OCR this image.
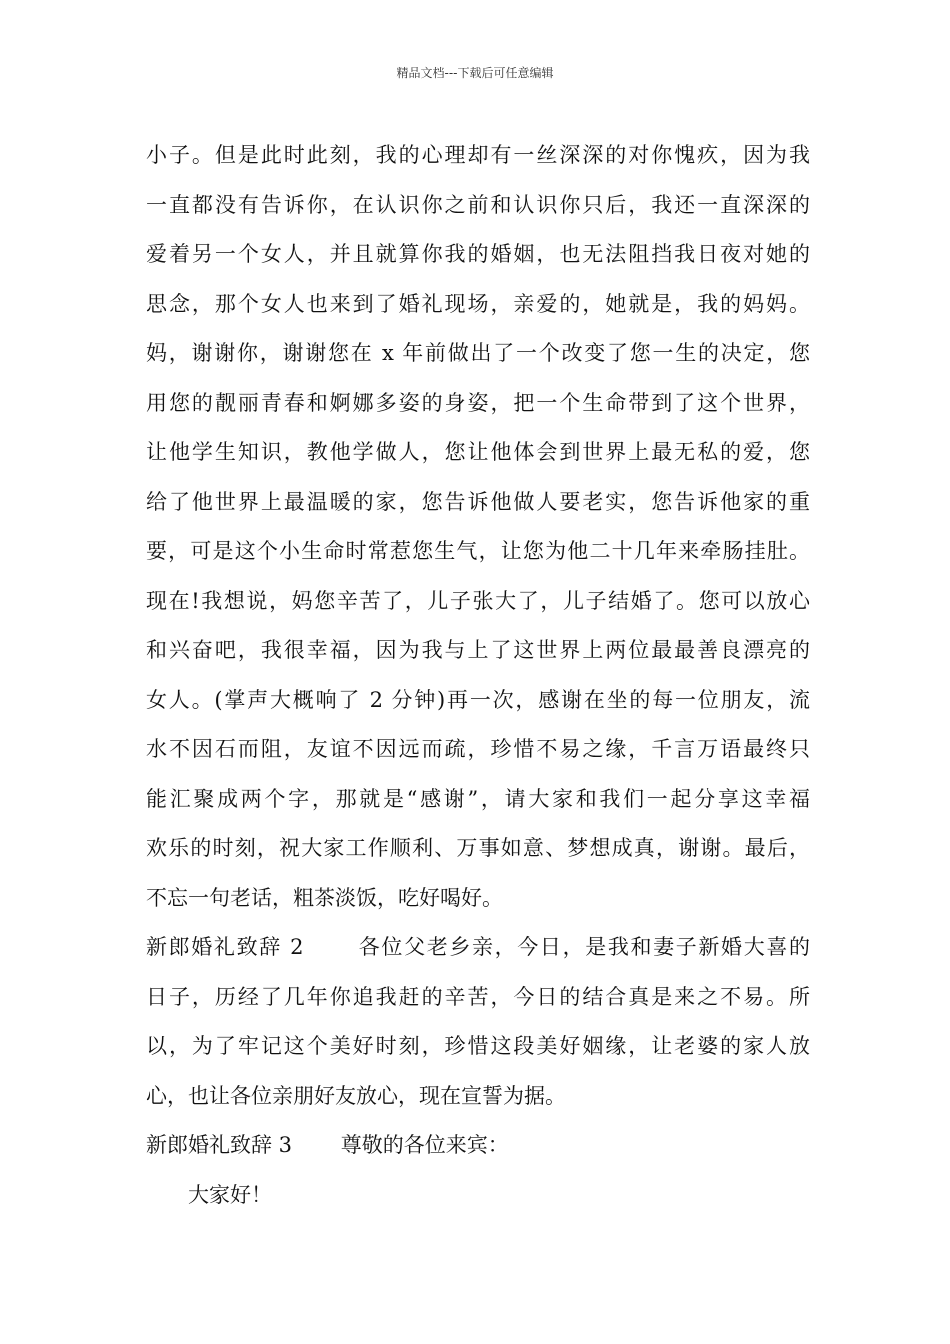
精品文档---下载后可任意编辑
小子。但是此时此刻，我的心理却有一丝深深的对你愧疚，因为我
一直都没有告诉你，在认识你之前和认识你只后，我还一直深深的
爱着另一个女人，并且就算你我的婚姻，也无法阻挡我日夜对她的
思念，那个女人也来到了婚礼现场，亲爱的，她就是，我的妈妈。
妈，谢谢你，谢谢您在 x 年前做出了一个改变了您一生的决定，您
用您的靓丽青春和婀娜多姿的身姿，把一个生命带到了这个世界，
让他学生知识，教他学做人，您让他体会到世界上最无私的爱，您
给了他世界上最温暖的家，您告诉他做人要老实，您告诉他家的重
要，可是这个小生命时常惹您生气，让您为他二十几年来牵肠挂肚。
现在!我想说，妈您辛苦了，儿子张大了，儿子结婚了。您可以放心
和兴奋吧，我很幸福，因为我与上了这世界上两位最最善良漂亮的
女人。(掌声大概响了 2 分钟)再一次，感谢在坐的每一位朋友，流
水不因石而阻，友谊不因远而疏，珍惜不易之缘，千言万语最终只
能汇聚成两个字，那就是“感谢”，请大家和我们一起分享这幸福
欢乐的时刻，祝大家工作顺利、万事如意、梦想成真，谢谢。最后，
不忘一句老话，粗茶淡饭，吃好喝好。
新郎婚礼致辞 2　　 各位父老乡亲，今日，是我和妻子新婚大喜的
日子，历经了几年你追我赶的辛苦，今日的结合真是来之不易。所
以，为了牢记这个美好时刻，珍惜这段美好姻缘，让老婆的家人放
心，也让各位亲朋好友放心，现在宣誓为据。
新郎婚礼致辞 3　　 尊敬的各位来宾：
大家好！
